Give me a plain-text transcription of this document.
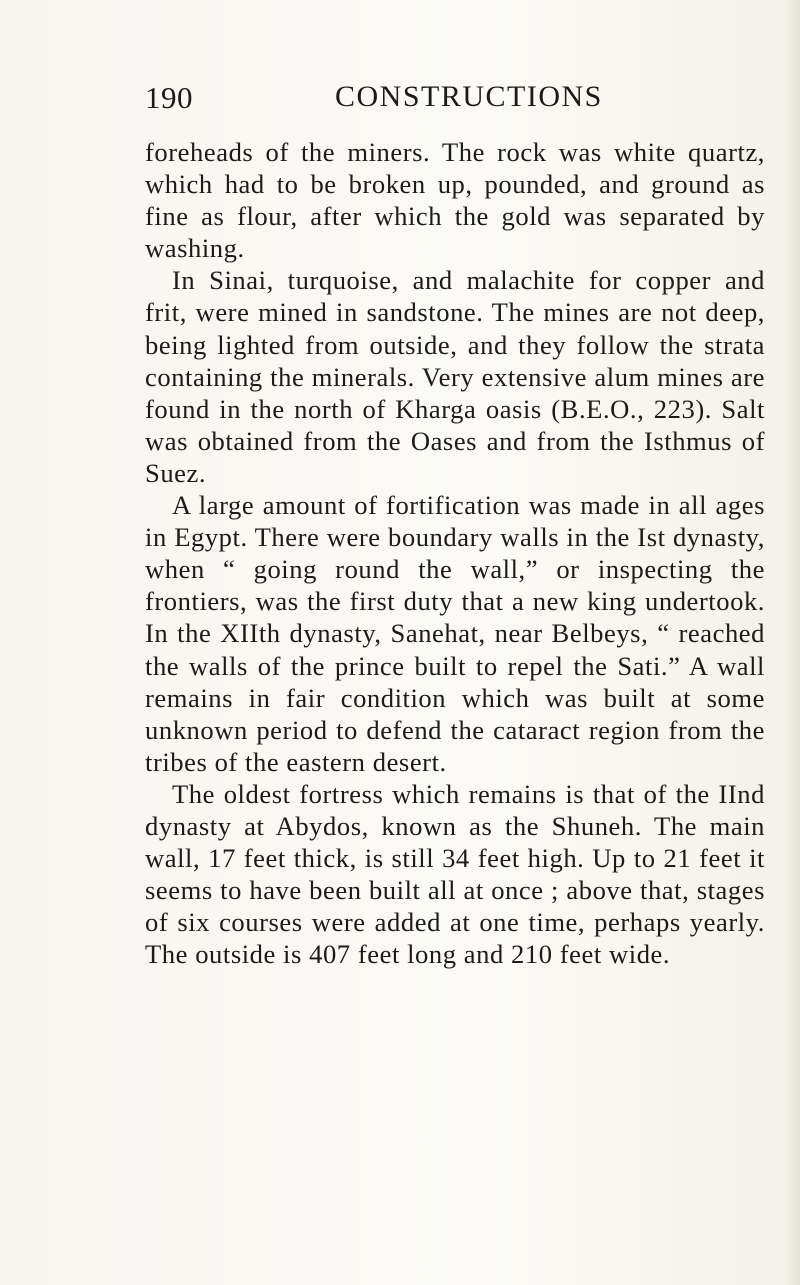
190	CONSTRUCTIONS

foreheads of the miners. The rock was white quartz, which had to be broken up, pounded, and ground as fine as flour, after which the gold was separated by washing.

In Sinai, turquoise, and malachite for copper and frit, were mined in sandstone. The mines are not deep, being lighted from outside, and they follow the strata containing the minerals. Very extensive alum mines are found in the north of Kharga oasis (B.E.O., 223). Salt was obtained from the Oases and from the Isthmus of Suez.

A large amount of fortification was made in all ages in Egypt. There were boundary walls in the Ist dynasty, when “ going round the wall,” or inspecting the frontiers, was the first duty that a new king undertook. In the XIIth dynasty, Sanehat, near Belbeys, “ reached the walls of the prince built to repel the Sati.” A wall remains in fair condition which was built at some unknown period to defend the cataract region from the tribes of the eastern desert.

The oldest fortress which remains is that of the IInd dynasty at Abydos, known as the Shuneh. The main wall, 17 feet thick, is still 34 feet high. Up to 21 feet it seems to have been built all at once ; above that, stages of six courses were added at one time, perhaps yearly. The outside is 407 feet long and 210 feet wide.
